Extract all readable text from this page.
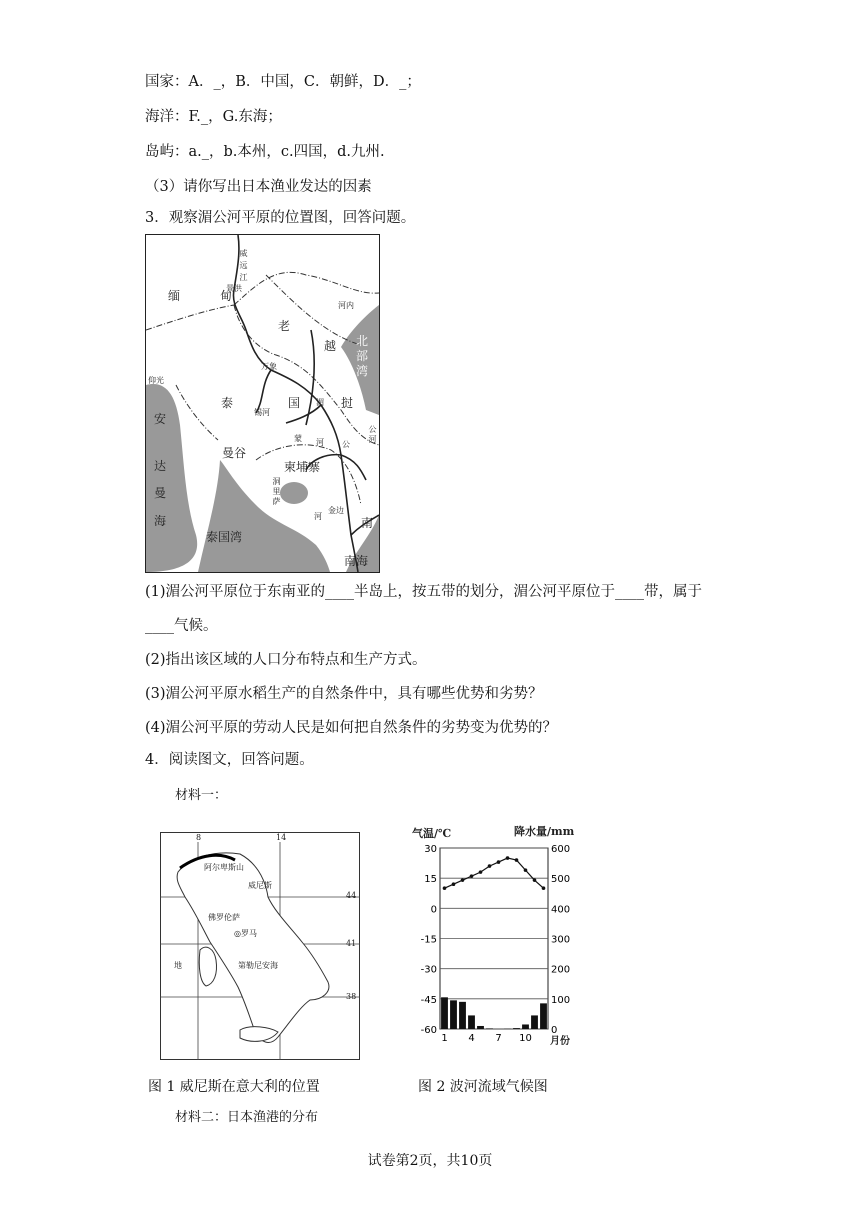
国家：A．_，B．中国，C．朝鲜，D．_；
海洋：F._，G.东海；
岛屿：a._，b.本州，c.四国，d.九州.
（3）请你写出日本渔业发达的因素
3．观察湄公河平原的位置图，回答问题。
威
远
江
景洪
缅	甸
河内
老
越 北
部
湾
万象
仰光
泰	国 湄 挝
锡河
安
达
曼
海
蒙 河 公 公河
曼谷
柬埔寨
洞里萨
河
金边
南
泰国湾
南海
(1)湄公河平原位于东南亚的____半岛上，按五带的划分，湄公河平原位于____带，属于
____气候。
(2)指出该区域的人口分布特点和生产方式。
(3)湄公河平原水稻生产的自然条件中，具有哪些优势和劣势？
(4)湄公河平原的劳动人民是如何把自然条件的劣势变为优势的？
4．阅读图文，回答问题。
材料一：
8	14
44
41
38
阿尔卑斯山
威尼斯
佛罗伦萨
◎罗马
第勒尼安海
地
30
15
0
-15
-30
-45
-60
600
500
400
300
200
100
0
1 4 7 10
气温/℃	降水量/mm
月份
图 1 威尼斯在意大利的位置	图 2 波河流域气候图
材料二：日本渔港的分布
试卷第2页，共10页
